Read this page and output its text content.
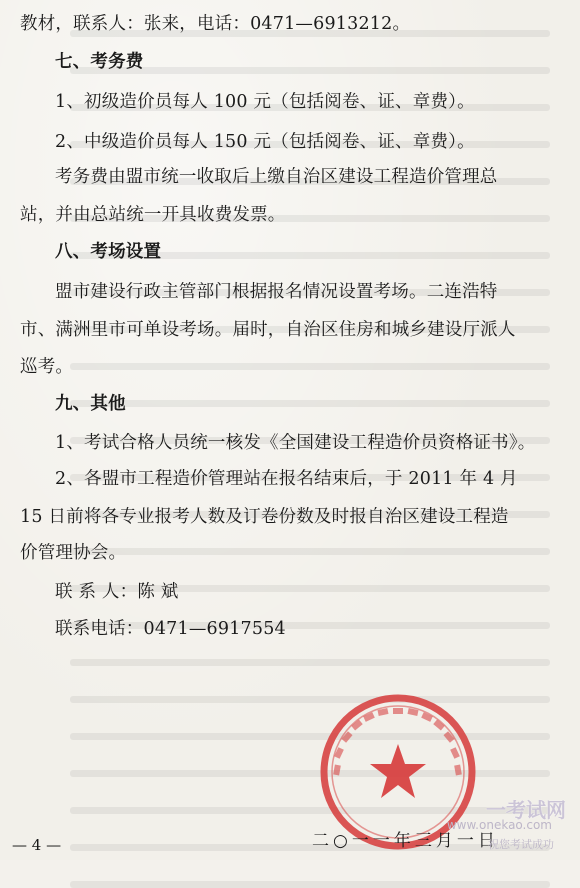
教材，联系人：张来，电话：0471—6913212。
七、考务费
1、初级造价员每人 100 元（包括阅卷、证、章费）。
2、中级造价员每人 150 元（包括阅卷、证、章费）。
考务费由盟市统一收取后上缴自治区建设工程造价管理总
站，并由总站统一开具收费发票。
八、考场设置
盟市建设行政主管部门根据报名情况设置考场。二连浩特
市、满洲里市可单设考场。届时，自治区住房和城乡建设厅派人
巡考。
九、其他
1、考试合格人员统一核发《全国建设工程造价员资格证书》。
2、各盟市工程造价管理站在报名结束后，于 2011 年 4 月
15 日前将各专业报考人数及订卷份数及时报自治区建设工程造
价管理协会。
联 系 人：陈 斌
联系电话：0471—6917554
二○一一年三月一日
— 4 —
一考试网
www.onekao.com
祝您考试成功
